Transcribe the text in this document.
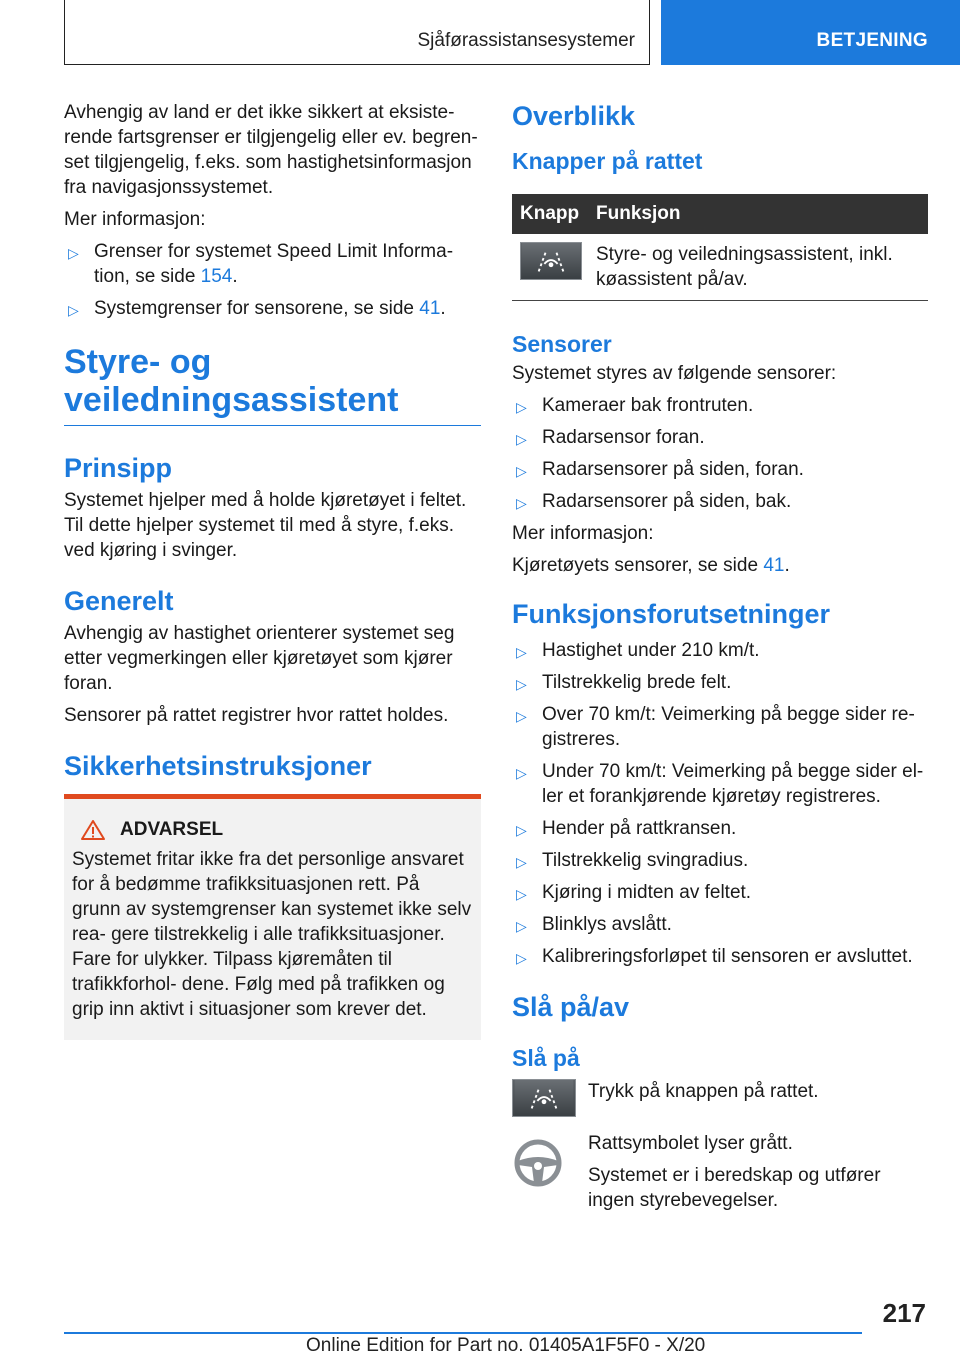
Sjåførassistansesystemer	BETJENING

Avhengig av land er det ikke sikkert at eksiste- rende fartsgrenser er tilgjengelig eller ev. begren- set tilgjengelig, f.eks. som hastighetsinformasjon fra navigasjonssystemet.

Mer informasjon:

▷ Grenser for systemet Speed Limit Informa- tion, se side 154.
▷ Systemgrenser for sensorene, se side 41.
Styre- og veiledningsassistent
Prinsipp

Systemet hjelper med å holde kjøretøyet i feltet. Til dette hjelper systemet til med å styre, f.eks. ved kjøring i svinger.

Generelt

Avhengig av hastighet orienterer systemet seg etter vegmerkingen eller kjøretøyet som kjører foran.

Sensorer på rattet registrer hvor rattet holdes.

Sikkerhetsinstruksjoner
ADVARSEL

Systemet fritar ikke fra det personlige ansvaret for å bedømme trafikksituasjonen rett. På grunn av systemgrenser kan systemet ikke selv rea- gere tilstrekkelig i alle trafikksituasjoner. Fare for ulykker. Tilpass kjøremåten til trafikkforhol- dene. Følg med på trafikken og grip inn aktivt i situasjoner som krever det.

Overblikk
Knapper på rattet
Knapp	Funksjon

	Styre- og veiledningsassistent, inkl. køassistent på/av.
Sensorer

Systemet styres av følgende sensorer:

▷ Kameraer bak frontruten.
▷ Radarsensor foran.
▷ Radarsensorer på siden, foran.
▷ Radarsensorer på siden, bak.

Mer informasjon:

Kjøretøyets sensorer, se side 41.

Funksjonsforutsetninger
▷ Hastighet under 210 km/t.
▷ Tilstrekkelig brede felt.
▷ Over 70 km/t: Veimerking på begge sider re- gistreres.
▷ Under 70 km/t: Veimerking på begge sider el- ler et forankjørende kjøretøy registreres.
▷ Hender på rattkransen.
▷ Tilstrekkelig svingradius.
▷ Kjøring i midten av feltet.
▷ Blinklys avslått.
▷ Kalibreringsforløpet til sensoren er avsluttet.
Slå på/av
Slå på

Trykk på knappen på rattet.

Rattsymbolet lyser grått.

Systemet er i beredskap og utfører ingen styrebevegelser.

217
Online Edition for Part no. 01405A1F5F0 - X/20
